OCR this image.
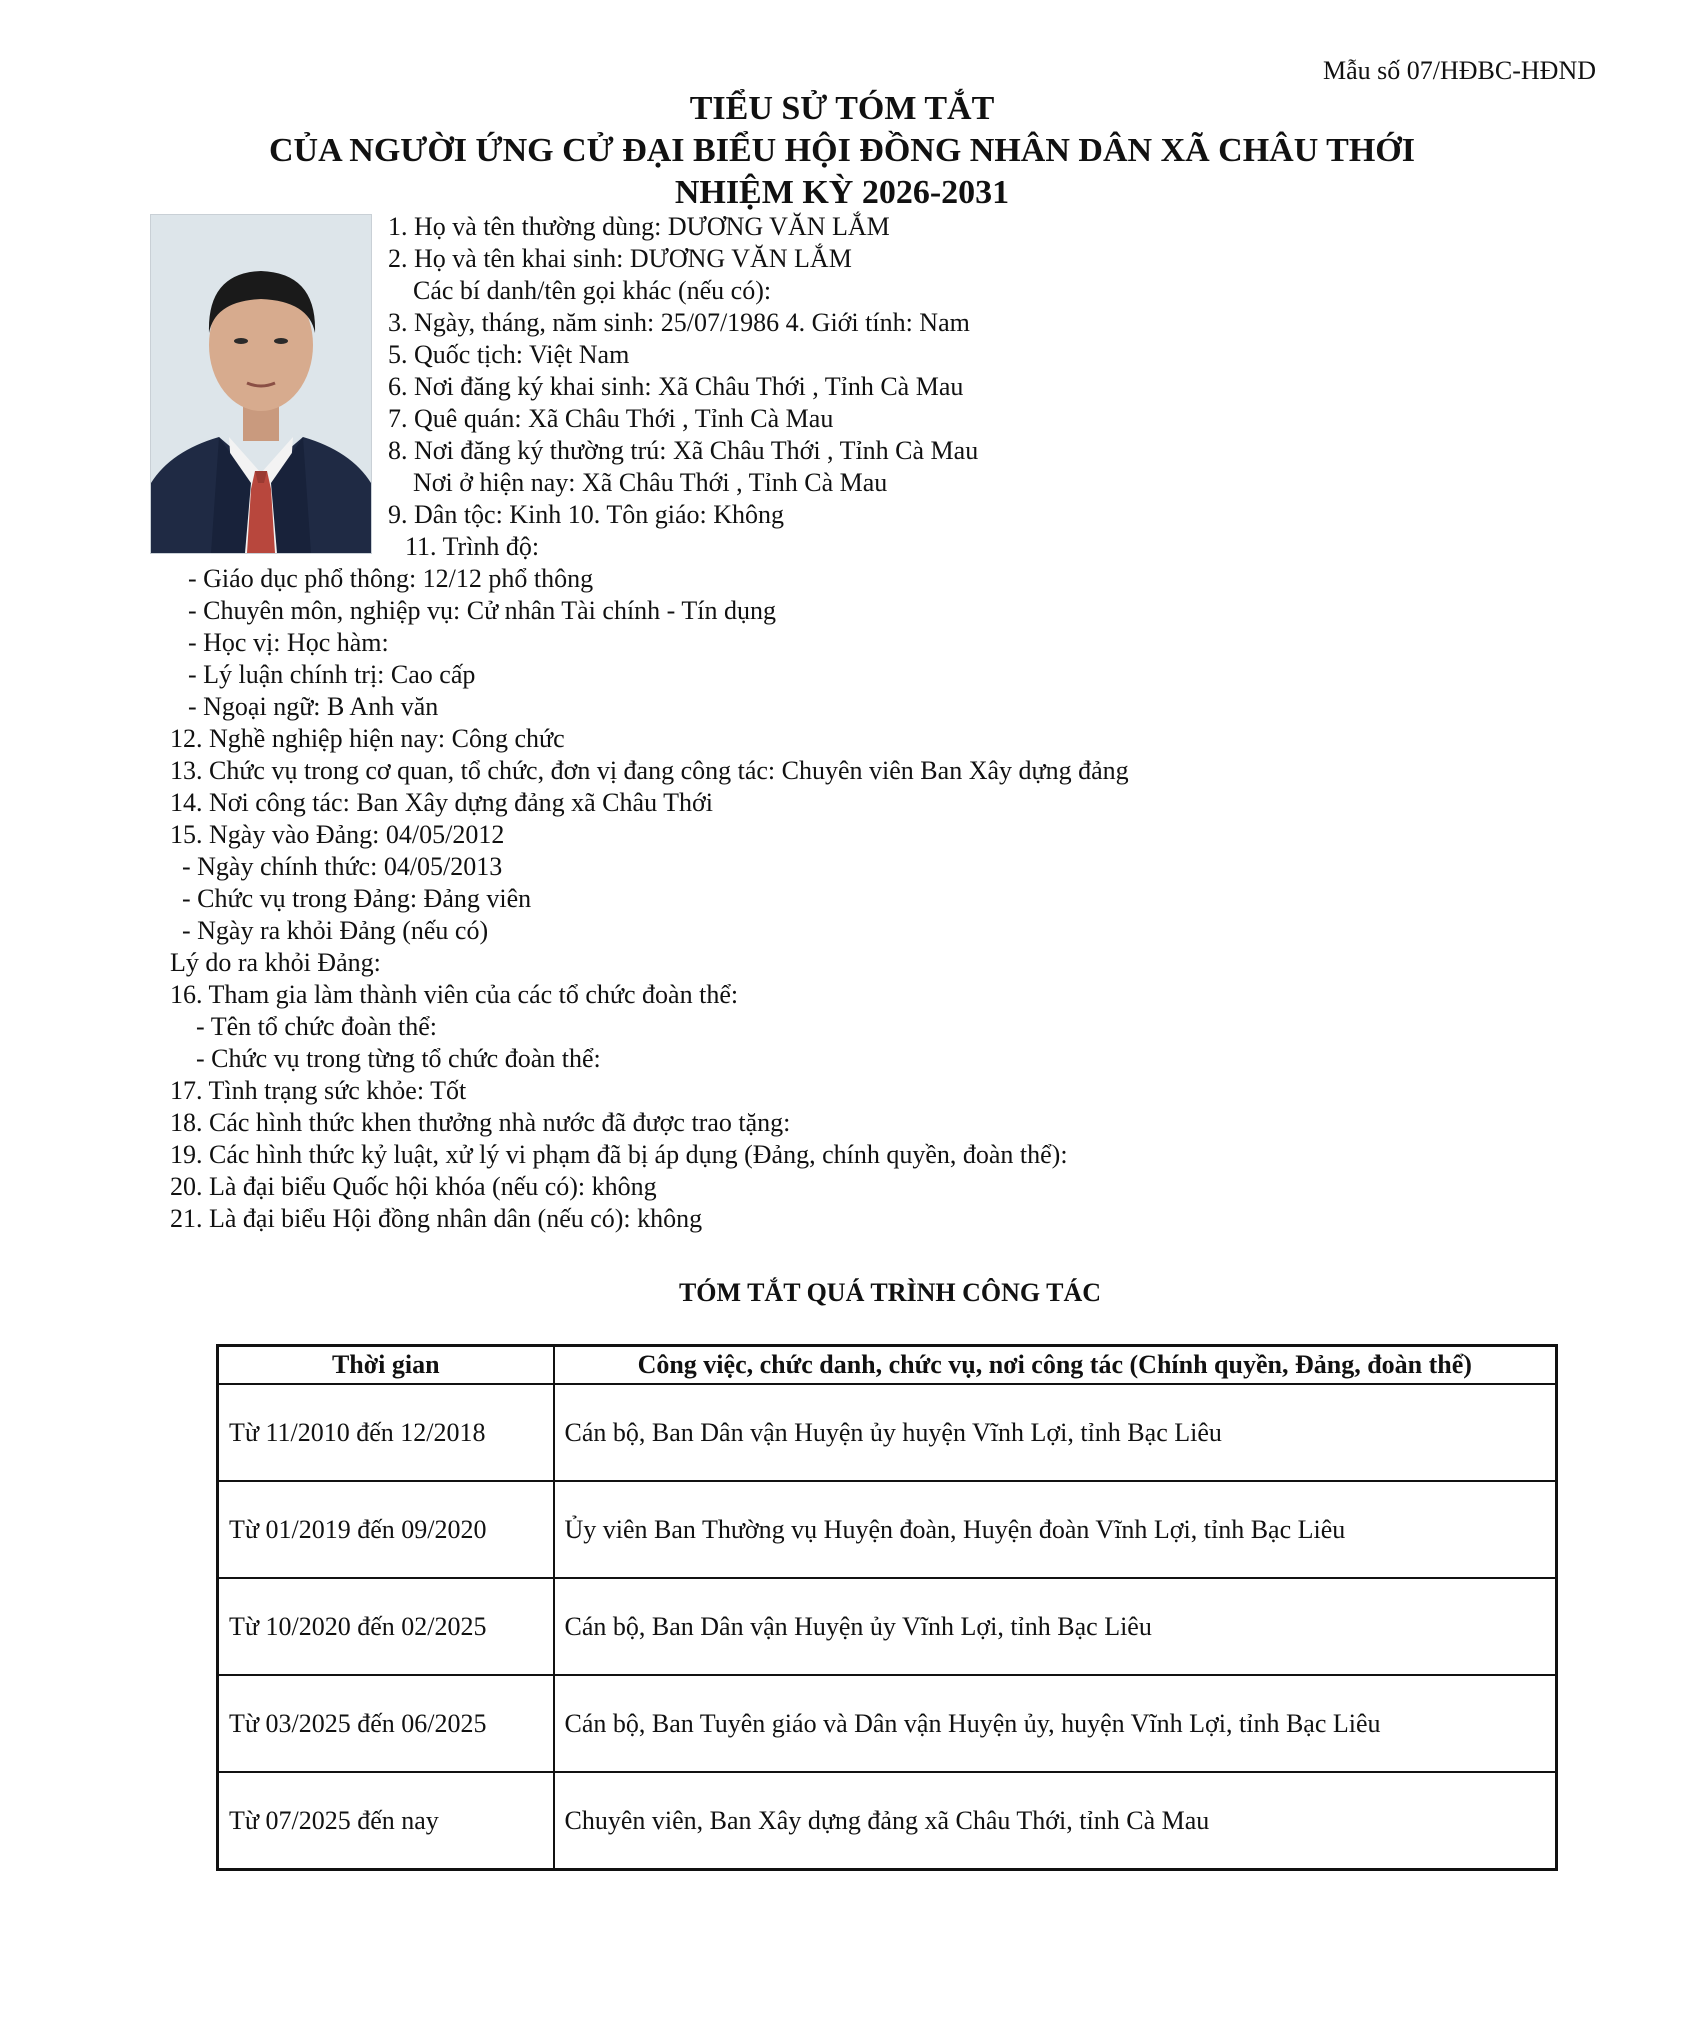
Mẫu số 07/HĐBC-HĐND
TIỂU SỬ TÓM TẮT
CỦA NGƯỜI ỨNG CỬ ĐẠI BIỂU HỘI ĐỒNG NHÂN DÂN XÃ CHÂU THỚI
NHIỆM KỲ 2026-2031
1. Họ và tên thường dùng: DƯƠNG VĂN LẮM
2. Họ và tên khai sinh: DƯƠNG VĂN LẮM
Các bí danh/tên gọi khác (nếu có):
3. Ngày, tháng, năm sinh: 25/07/1986 4. Giới tính: Nam
5. Quốc tịch: Việt Nam
6. Nơi đăng ký khai sinh: Xã Châu Thới , Tỉnh Cà Mau
7. Quê quán: Xã Châu Thới , Tỉnh Cà Mau
8. Nơi đăng ký thường trú: Xã Châu Thới , Tỉnh Cà Mau
Nơi ở hiện nay: Xã Châu Thới , Tỉnh Cà Mau
9. Dân tộc: Kinh 10. Tôn giáo: Không
11. Trình độ:
- Giáo dục phổ thông: 12/12 phổ thông
- Chuyên môn, nghiệp vụ: Cử nhân Tài chính - Tín dụng
- Học vị: Học hàm:
- Lý luận chính trị: Cao cấp
- Ngoại ngữ: B Anh văn
12. Nghề nghiệp hiện nay: Công chức
13. Chức vụ trong cơ quan, tổ chức, đơn vị đang công tác: Chuyên viên Ban Xây dựng đảng
14. Nơi công tác: Ban Xây dựng đảng xã Châu Thới
15. Ngày vào Đảng: 04/05/2012
- Ngày chính thức: 04/05/2013
- Chức vụ trong Đảng: Đảng viên
- Ngày ra khỏi Đảng (nếu có)
Lý do ra khỏi Đảng:
16. Tham gia làm thành viên của các tổ chức đoàn thể:
- Tên tổ chức đoàn thể:
- Chức vụ trong từng tổ chức đoàn thể:
17. Tình trạng sức khỏe: Tốt
18. Các hình thức khen thưởng nhà nước đã được trao tặng:
19. Các hình thức kỷ luật, xử lý vi phạm đã bị áp dụng (Đảng, chính quyền, đoàn thể):
20. Là đại biểu Quốc hội khóa (nếu có): không
21. Là đại biểu Hội đồng nhân dân (nếu có): không
TÓM TẮT QUÁ TRÌNH CÔNG TÁC
Thời gian	Công việc, chức danh, chức vụ, nơi công tác (Chính quyền, Đảng, đoàn thể)
Từ 11/2010 đến 12/2018	Cán bộ, Ban Dân vận Huyện ủy huyện Vĩnh Lợi, tỉnh Bạc Liêu
Từ 01/2019 đến 09/2020	Ủy viên Ban Thường vụ Huyện đoàn, Huyện đoàn Vĩnh Lợi, tỉnh Bạc Liêu
Từ 10/2020 đến 02/2025	Cán bộ, Ban Dân vận Huyện ủy Vĩnh Lợi, tỉnh Bạc Liêu
Từ 03/2025 đến 06/2025	Cán bộ, Ban Tuyên giáo và Dân vận Huyện ủy, huyện Vĩnh Lợi, tỉnh Bạc Liêu
Từ 07/2025 đến nay	Chuyên viên, Ban Xây dựng đảng xã Châu Thới, tỉnh Cà Mau
